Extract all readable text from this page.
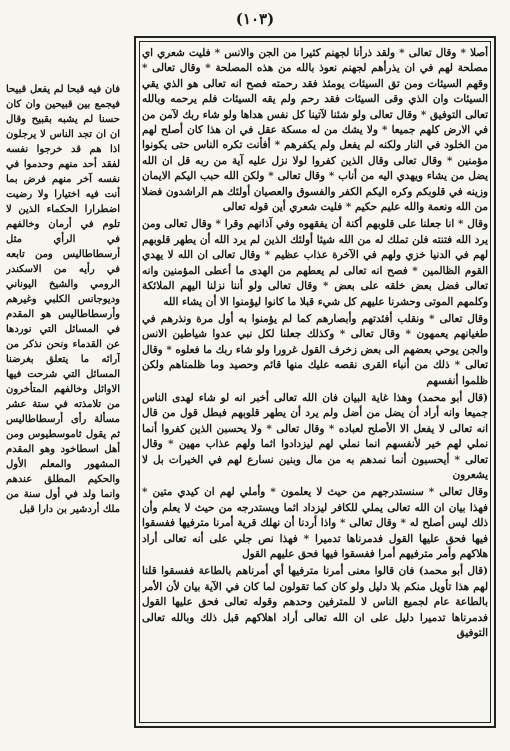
(١٠٣)

أصلا * وقال تعالى * ولقد ذرأنا لجهنم كثيرا من الجن والانس * فليت شعري اي مصلحة لهم في ان يذرأهم لجهنم نعوذ بالله من هذه المصلحة * وقال تعالى * وقهم السيئات ومن تق السيئات يومئذ فقد رحمته فصح انه تعالى هو الذي يقي السيئات وان الذي وقى السيئات فقد رحم ولم يقه السيئات فلم يرحمه وبالله تعالى التوفيق * وقال تعالى ولو شئنا لآتينا كل نفس هداها ولو شاء ربك لآمن من في الارض كلهم جميعا * ولا يشك من له مسكة عقل في ان هذا كان أصلح لهم من الخلود في النار ولكنه لم يفعل ولم يكفرهم * أفأنت تكره الناس حتى يكونوا مؤمنين * وقال تعالى وقال الذين كفروا لولا نزل عليه آية من ربه قل ان الله يضل من يشاء ويهدي اليه من أناب * وقال تعالى * ولكن الله حبب اليكم الايمان وزينه في قلوبكم وكره اليكم الكفر والفسوق والعصيان أولئك هم الراشدون فضلا من الله ونعمة والله عليم حكيم * فليت شعري أين قوله تعالى

وقال * انا جعلنا على قلوبهم أكنة أن يفقهوه وفي آذانهم وقرا * وقال تعالى ومن يرد الله فتنته فلن تملك له من الله شيئا أولئك الذين لم يرد الله أن يطهر قلوبهم لهم في الدنيا خزي ولهم في الآخرة عذاب عظيم * وقال تعالى ان الله لا يهدي القوم الظالمين * فصح انه تعالى لم يعطهم من الهدى ما أعطى المؤمنين وانه تعالى فضل بعض خلقه على بعض * وقال تعالى ولو أننا نزلنا اليهم الملائكة وكلمهم الموتى وحشرنا عليهم كل شيء قبلا ما كانوا ليؤمنوا الا أن يشاء الله

وقال تعالى * ونقلب أفئدتهم وأبصارهم كما لم يؤمنوا به أول مرة ونذرهم في طغيانهم يعمهون * وقال تعالى * وكذلك جعلنا لكل نبي عدوا شياطين الانس والجن يوحي بعضهم الى بعض زخرف القول غرورا ولو شاء ربك ما فعلوه * وقال تعالى * ذلك من أنباء القرى نقصه عليك منها قائم وحصيد وما ظلمناهم ولكن ظلموا أنفسهم

(قال أبو محمد) وهذا غاية البيان فان الله تعالى أخبر انه لو شاء لهدى الناس جميعا وانه أراد أن يضل من أضل ولم يرد أن يطهر قلوبهم فبطل قول من قال انه تعالى لا يفعل الا الأصلح لعباده * وقال تعالى * ولا يحسبن الذين كفروا أنما نملي لهم خير لأنفسهم انما نملي لهم ليزدادوا اثما ولهم عذاب مهين * وقال تعالى * أيحسبون أنما نمدهم به من مال وبنين نسارع لهم في الخيرات بل لا يشعرون

وقال تعالى * سنستدرجهم من حيث لا يعلمون * وأملي لهم ان كيدي متين * فهذا بيان ان الله تعالى يملي للكافر ليزداد اثما ويستدرجه من حيث لا يعلم وأن ذلك ليس أصلح له * وقال تعالى * واذا أردنا أن نهلك قرية أمرنا مترفيها ففسقوا فيها فحق عليها القول فدمرناها تدميرا * فهذا نص جلي على أنه تعالى أراد هلاكهم وأمر مترفيهم أمرا ففسقوا فيها فحق عليهم القول

(قال أبو محمد) فان قالوا معنى أمرنا مترفيها أي أمرناهم بالطاعة ففسقوا قلنا لهم هذا تأويل منكم بلا دليل ولو كان كما تقولون لما كان في الآية بيان لأن الأمر بالطاعة عام لجميع الناس لا للمترفين وحدهم وقوله تعالى فحق عليها القول فدمرناها تدميرا دليل على ان الله تعالى أراد اهلاكهم قبل ذلك وبالله تعالى التوفيق

فان فيه قبحا لم يفعل قبيحا فيجمع بين قبيحين وان كان حسنا لم يشبه بقبيح وقال ان ان تجد الناس لا يرجلون اذا هم قد خرجوا نفسه لفقد أحد منهم وحدموا في نفسه آخر منهم فرض بما أنت فيه اختيارا ولا رضيت اضطرارا الحكماء الذين لا تلوم في أرمان وخالفهم في الرأي مثل أرسطاطاليس ومن تابعه في رأيه من الاسكندر الرومي والشيخ اليوناني وديوجانس الكلبي وغيرهم وأرسطاطاليس هو المقدم في المسائل التي نوردها عن القدماء ونحن نذكر من آرائه ما يتعلق بغرضنا المسائل التي شرحت فيها الاوائل وخالفهم المتأخرون من تلامذته في ستة عشر مسألة رأى أرسطاطاليس ثم يقول ثاموسطيوس ومن أهل اسطاخود وهو المقدم المشهور والمعلم الأول والحكيم المطلق عندهم وانما ولد في أول سنة من ملك أردشير بن دارا قبل
